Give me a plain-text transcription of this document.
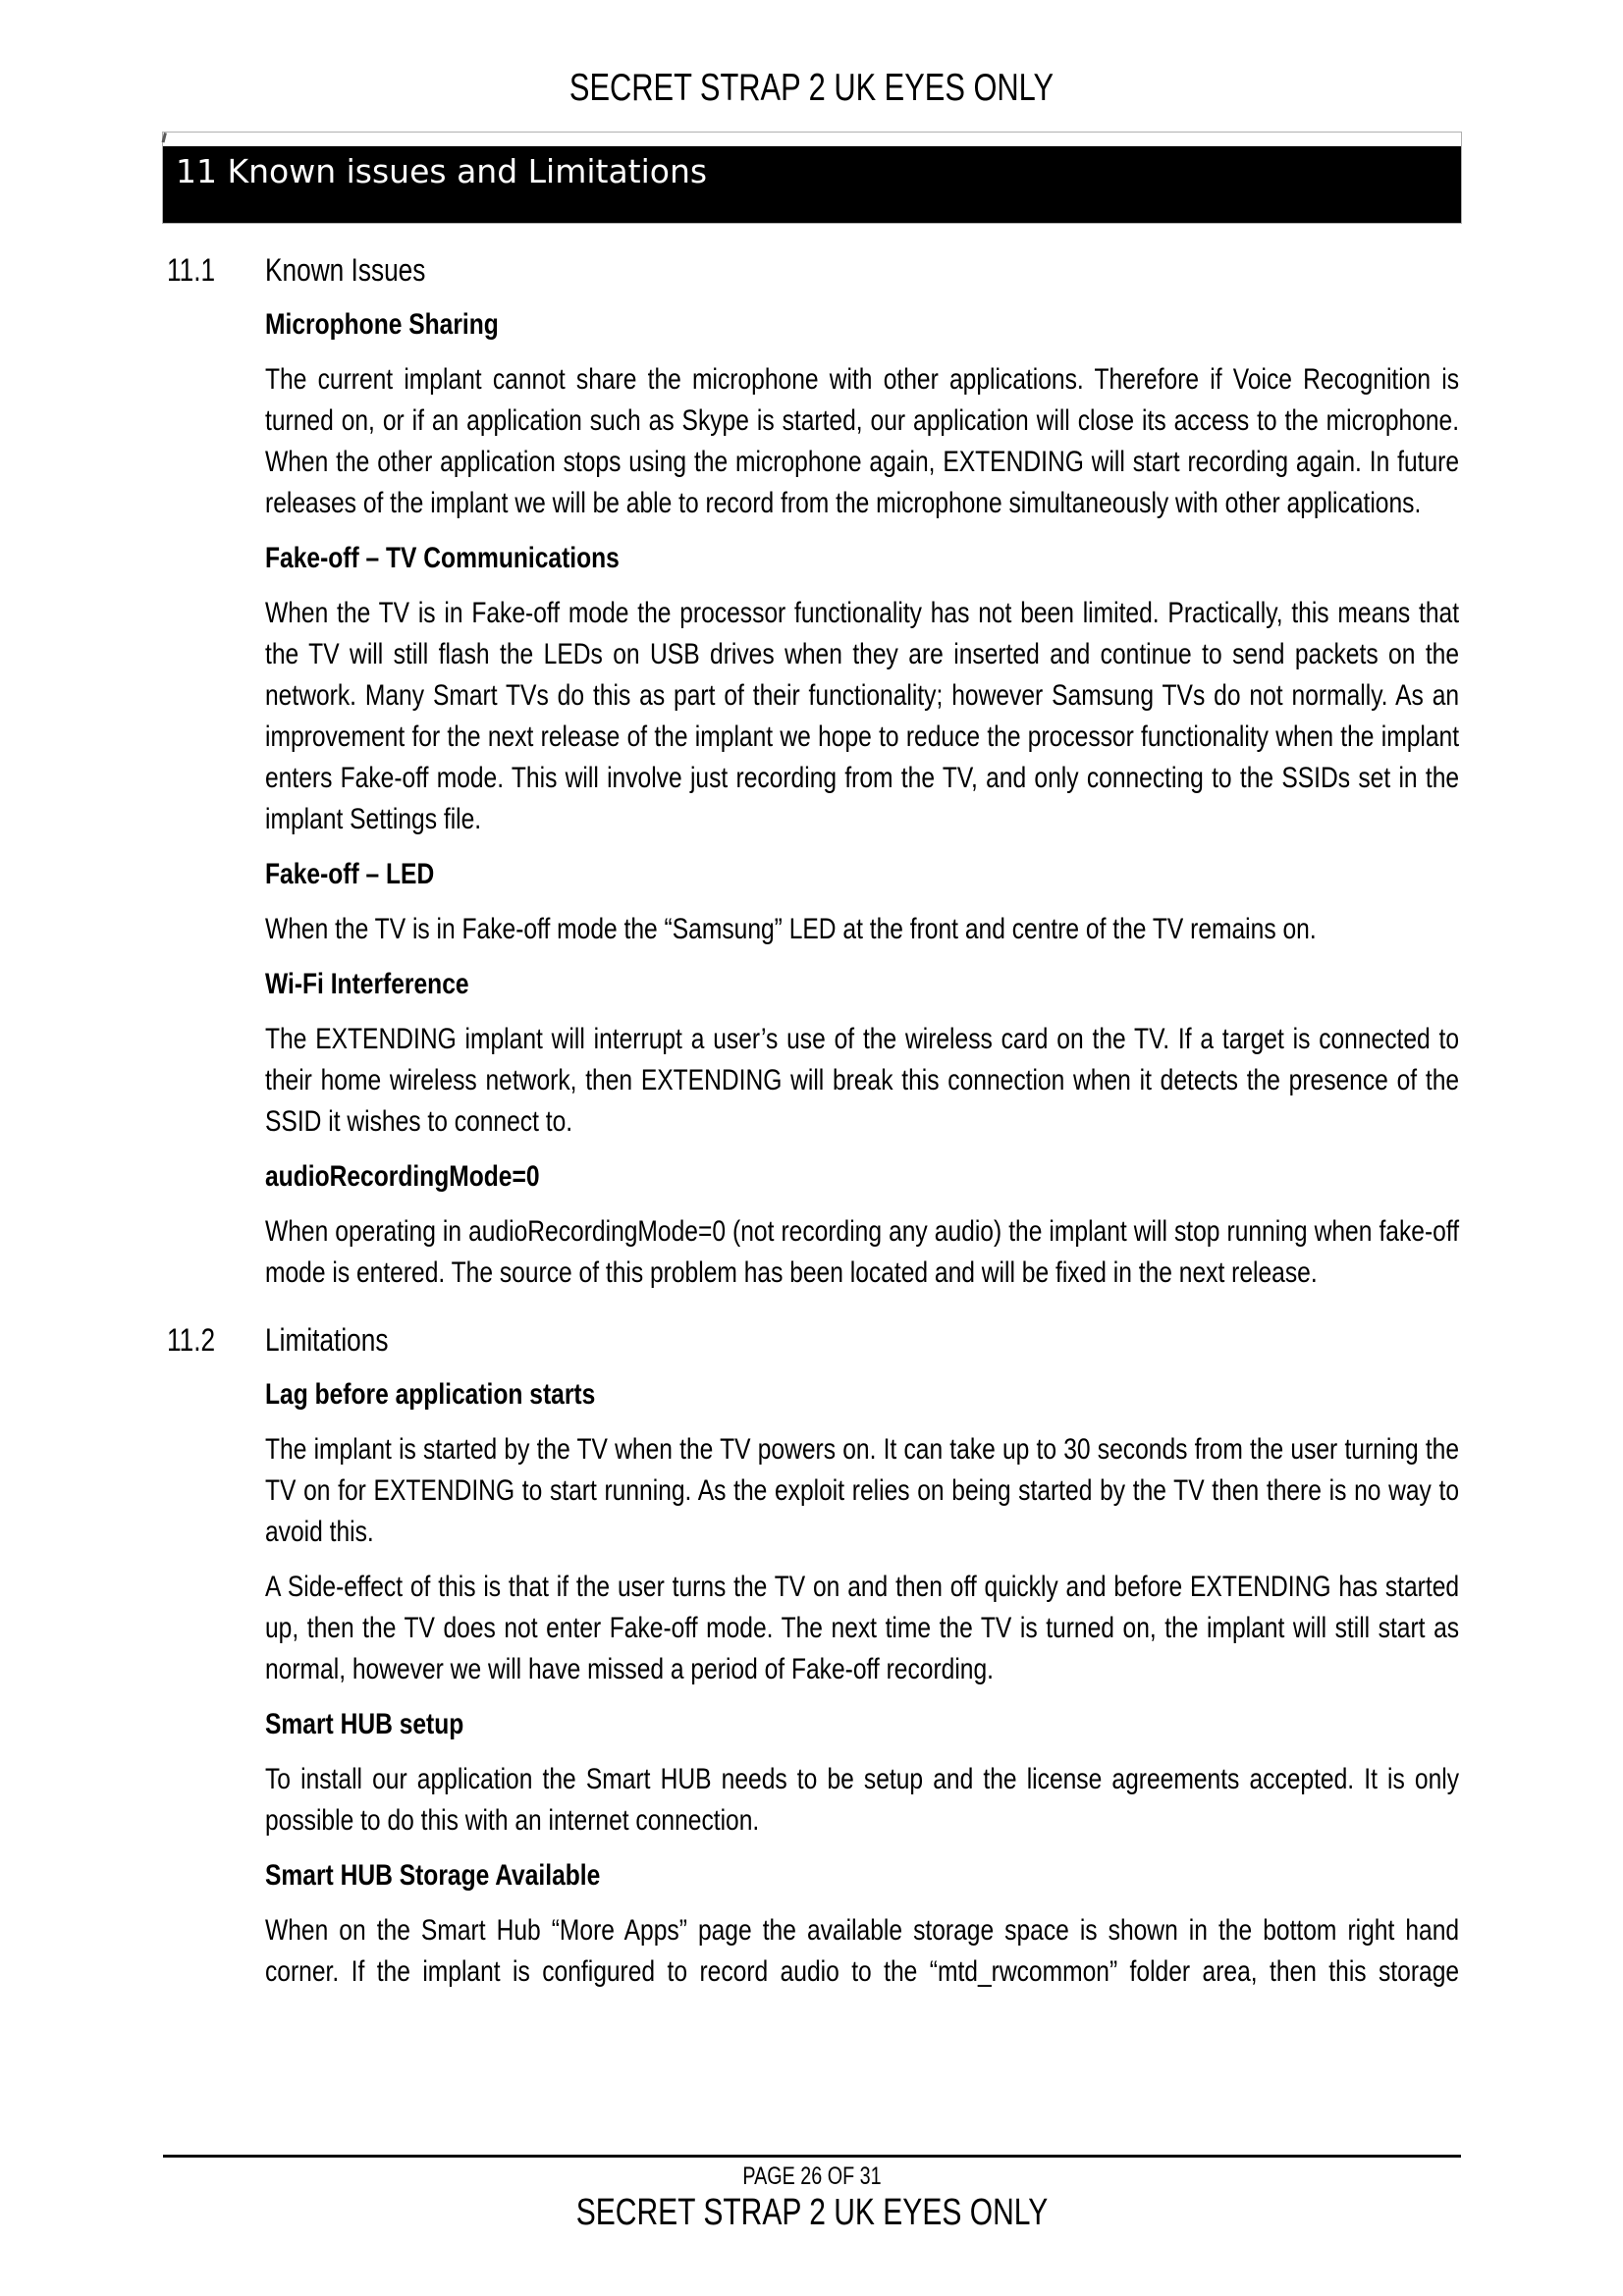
SECRET STRAP 2 UK EYES ONLY
11 Known issues and Limitations
11.1	Known Issues
Microphone Sharing
The current implant cannot share the microphone with other applications. Therefore if Voice Recognition is turned on, or if an application such as Skype is started, our application will close its access to the microphone. When the other application stops using the microphone again, EXTENDING will start recording again. In future releases of the implant we will be able to record from the microphone simultaneously with other applications.
Fake-off – TV Communications
When the TV is in Fake-off mode the processor functionality has not been limited. Practically, this means that the TV will still flash the LEDs on USB drives when they are inserted and continue to send packets on the network. Many Smart TVs do this as part of their functionality; however Samsung TVs do not normally. As an improvement for the next release of the implant we hope to reduce the processor functionality when the implant enters Fake-off mode. This will involve just recording from the TV, and only connecting to the SSIDs set in the implant Settings file.
Fake-off – LED
When the TV is in Fake-off mode the “Samsung” LED at the front and centre of the TV remains on.
Wi-Fi Interference
The EXTENDING implant will interrupt a user’s use of the wireless card on the TV. If a target is connected to their home wireless network, then EXTENDING will break this connection when it detects the presence of the SSID it wishes to connect to.
audioRecordingMode=0
When operating in audioRecordingMode=0 (not recording any audio) the implant will stop running when fake-off mode is entered. The source of this problem has been located and will be fixed in the next release.
11.2	Limitations
Lag before application starts
The implant is started by the TV when the TV powers on. It can take up to 30 seconds from the user turning the TV on for EXTENDING to start running. As the exploit relies on being started by the TV then there is no way to avoid this.
A Side-effect of this is that if the user turns the TV on and then off quickly and before EXTENDING has started up, then the TV does not enter Fake-off mode. The next time the TV is turned on, the implant will still start as normal, however we will have missed a period of Fake-off recording.
Smart HUB setup
To install our application the Smart HUB needs to be setup and the license agreements accepted. It is only possible to do this with an internet connection.
Smart HUB Storage Available
When on the Smart Hub “More Apps” page the available storage space is shown in the bottom right hand corner. If the implant is configured to record audio to the “mtd_rwcommon” folder area, then this storage
PAGE 26 OF 31
SECRET STRAP 2 UK EYES ONLY
